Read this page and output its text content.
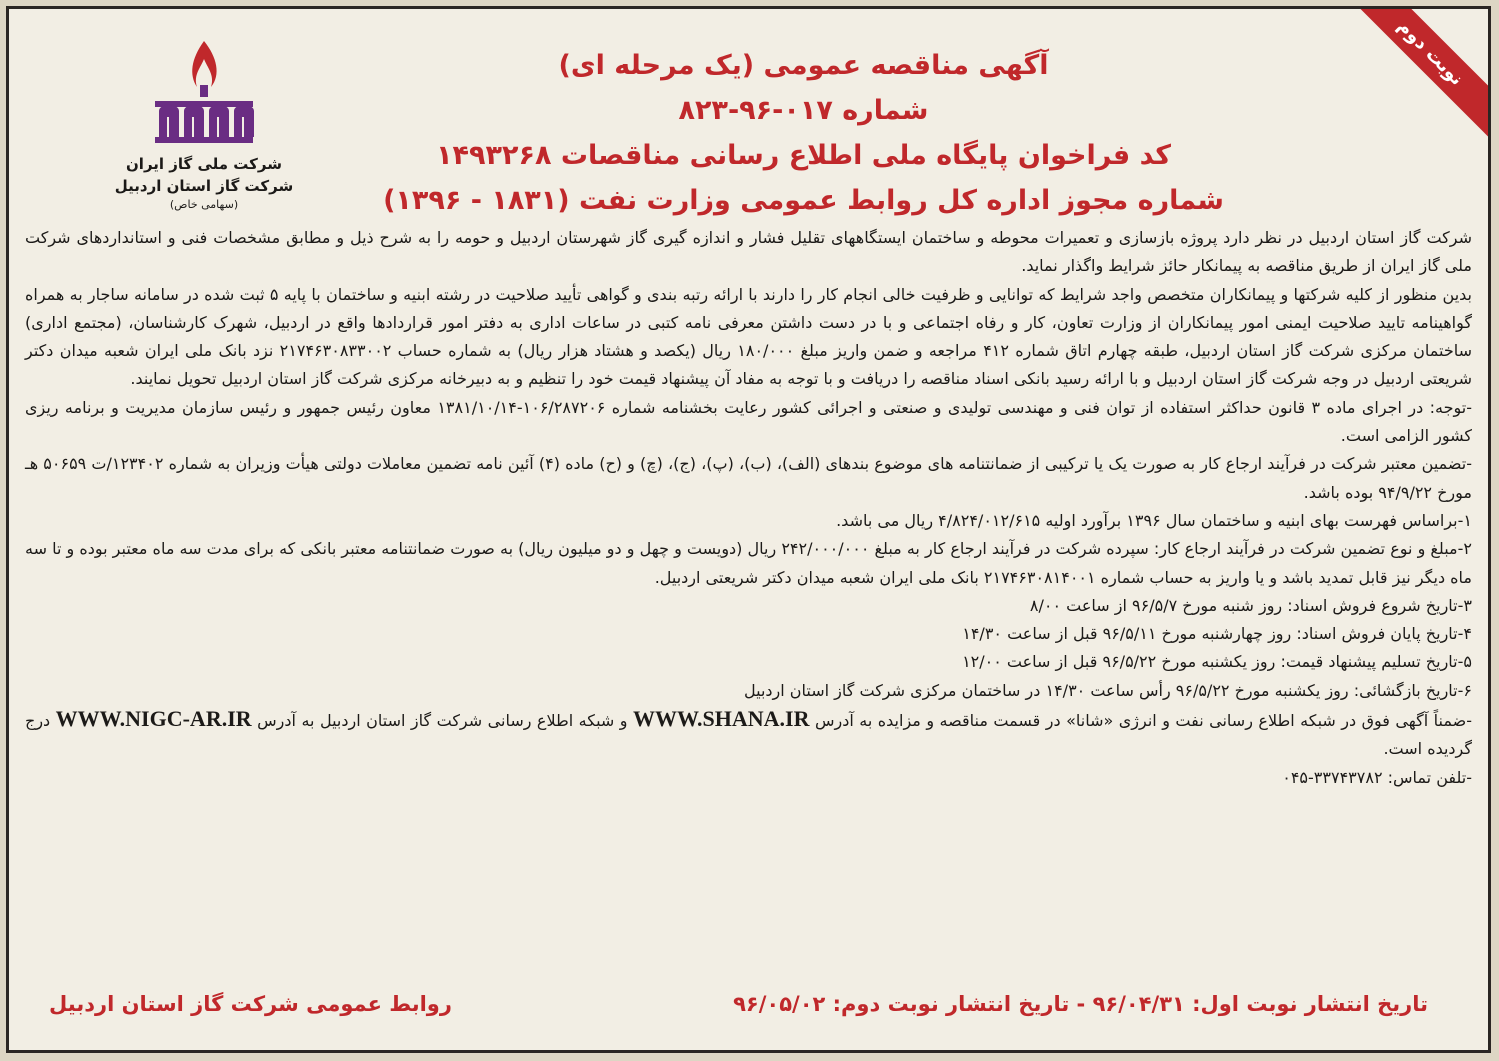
نوبت دوم
آگهی مناقصه عمومی (یک مرحله ای)
شماره ۰۱۷-۹۶-۸۲۳
کد فراخوان پایگاه ملی اطلاع رسانی مناقصات ۱۴۹۳۲۶۸
شماره مجوز اداره کل روابط عمومی وزارت نفت (۱۸۳۱ - ۱۳۹۶)
شرکت ملی گاز ایران
شرکت گاز استان اردبیل
(سهامی خاص)

شرکت گاز استان اردبیل در نظر دارد پروژه بازسازی و تعمیرات محوطه و ساختمان ایستگاههای تقلیل فشار و اندازه گیری گاز شهرستان اردبیل و حومه را به شرح ذیل و مطابق مشخصات فنی و استانداردهای شرکت ملی گاز ایران از طریق مناقصه به پیمانکار حائز شرایط واگذار نماید.

بدین منظور از کلیه شرکتها و پیمانکاران متخصص واجد شرایط که توانایی و ظرفیت خالی انجام کار را دارند با ارائه رتبه بندی و گواهی تأیید صلاحیت در رشته ابنیه و ساختمان با پایه ۵ ثبت شده در سامانه ساجار به همراه گواهینامه تایید صلاحیت ایمنی امور پیمانکاران از وزارت تعاون، کار و رفاه اجتماعی و با در دست داشتن معرفی نامه کتبی در ساعات اداری به دفتر امور قراردادها واقع در اردبیل، شهرک کارشناسان، (مجتمع اداری) ساختمان مرکزی شرکت گاز استان اردبیل، طبقه چهارم اتاق شماره ۴۱۲ مراجعه و ضمن واریز مبلغ ۱۸۰/۰۰۰ ریال (یکصد و هشتاد هزار ریال) به شماره حساب ۲۱۷۴۶۳۰۸۳۳۰۰۲ نزد بانک ملی ایران شعبه میدان دکتر شریعتی اردبیل در وجه شرکت گاز استان اردبیل و با ارائه رسید بانکی اسناد مناقصه را دریافت و با توجه به مفاد آن پیشنهاد قیمت خود را تنظیم و به دبیرخانه مرکزی شرکت گاز استان اردبیل تحویل نمایند.

-توجه: در اجرای ماده ۳ قانون حداکثر استفاده از توان فنی و مهندسی تولیدی و صنعتی و اجرائی کشور رعایت بخشنامه شماره ۱۰۶/۲۸۷۲۰۶-۱۳۸۱/۱۰/۱۴ معاون رئیس جمهور و رئیس سازمان مدیریت و برنامه ریزی کشور الزامی است.

-تضمین معتبر شرکت در فرآیند ارجاع کار به صورت یک یا ترکیبی از ضمانتنامه های موضوع بندهای (الف)، (ب)، (پ)، (ج)، (چ) و (ح) ماده (۴) آئین نامه تضمین معاملات دولتی هیأت وزیران به شماره ۱۲۳۴۰۲/ت ۵۰۶۵۹ هـ مورخ ۹۴/۹/۲۲ بوده باشد.

۱-براساس فهرست بهای ابنیه و ساختمان سال ۱۳۹۶ برآورد اولیه ۴/۸۲۴/۰۱۲/۶۱۵ ریال می باشد.

۲-مبلغ و نوع تضمین شرکت در فرآیند ارجاع کار: سپرده شرکت در فرآیند ارجاع کار به مبلغ ۲۴۲/۰۰۰/۰۰۰ ریال (دویست و چهل و دو میلیون ریال) به صورت ضمانتنامه معتبر بانکی که برای مدت سه ماه معتبر بوده و تا سه ماه دیگر نیز قابل تمدید باشد و یا واریز به حساب شماره ۲۱۷۴۶۳۰۸۱۴۰۰۱ بانک ملی ایران شعبه میدان دکتر شریعتی اردبیل.

۳-تاریخ شروع فروش اسناد: روز شنبه مورخ ۹۶/۵/۷ از ساعت ۸/۰۰

۴-تاریخ پایان فروش اسناد: روز چهارشنبه مورخ ۹۶/۵/۱۱ قبل از ساعت ۱۴/۳۰

۵-تاریخ تسلیم پیشنهاد قیمت: روز یکشنبه مورخ ۹۶/۵/۲۲ قبل از ساعت ۱۲/۰۰

۶-تاریخ بازگشائی: روز یکشنبه مورخ ۹۶/۵/۲۲ رأس ساعت ۱۴/۳۰ در ساختمان مرکزی شرکت گاز استان اردبیل

-ضمناً آگهی فوق در شبکه اطلاع رسانی نفت و انرژی «شانا» در قسمت مناقصه و مزایده به آدرس WWW.SHANA.IR و شبکه اطلاع رسانی شرکت گاز استان اردبیل به آدرس WWW.NIGC-AR.IR درج گردیده است.

-تلفن تماس: ۳۳۷۴۳۷۸۲-۰۴۵

تاریخ انتشار نوبت اول: ۹۶/۰۴/۳۱ - تاریخ انتشار نوبت دوم: ۹۶/۰۵/۰۲
روابط عمومی شرکت گاز استان اردبیل
